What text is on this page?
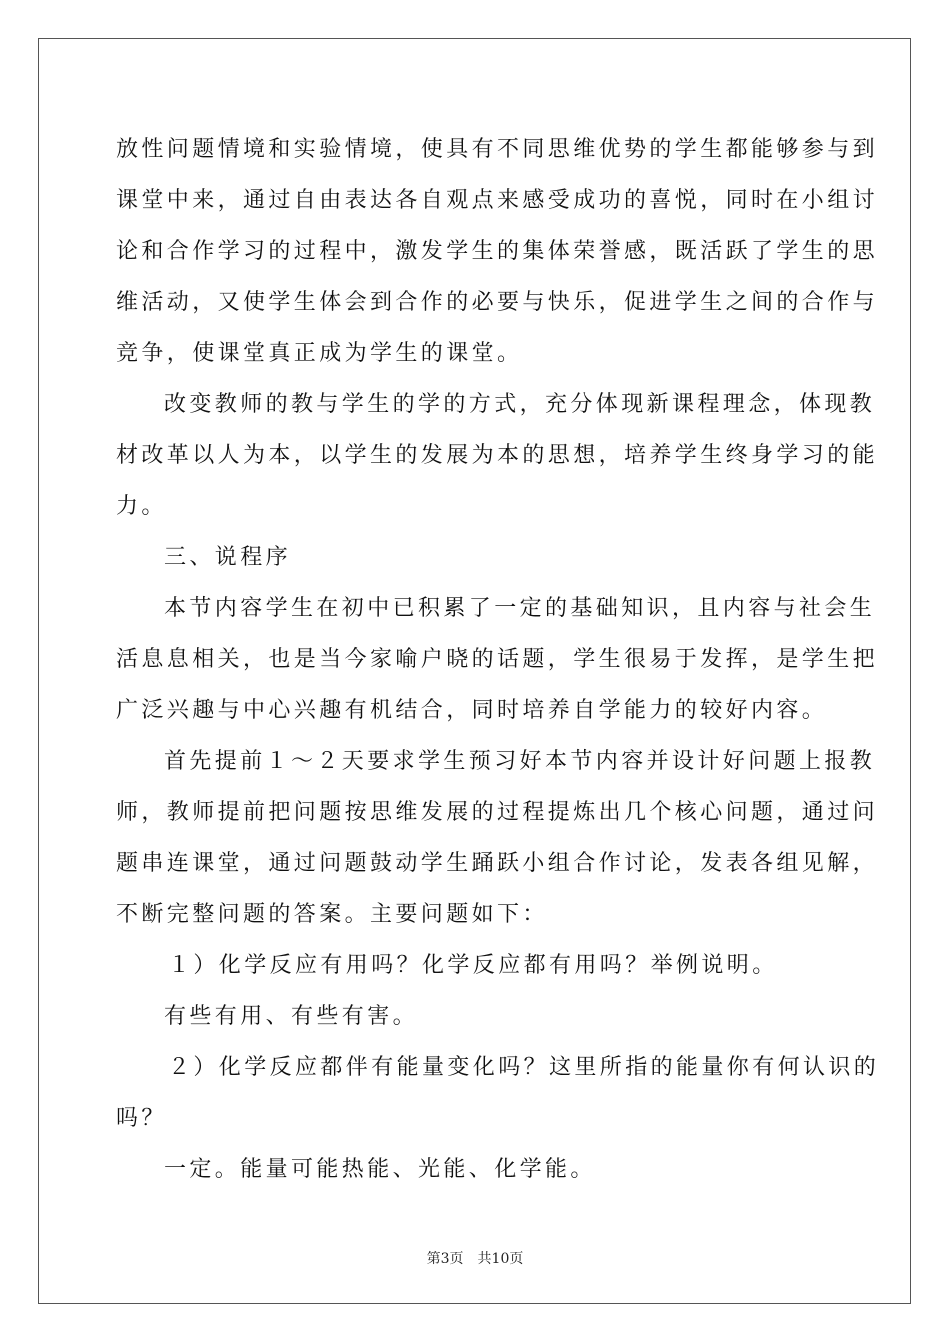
放性问题情境和实验情境，使具有不同思维优势的学生都能够参与到
课堂中来，通过自由表达各自观点来感受成功的喜悦，同时在小组讨
论和合作学习的过程中，激发学生的集体荣誉感，既活跃了学生的思
维活动，又使学生体会到合作的必要与快乐，促进学生之间的合作与
竞争，使课堂真正成为学生的课堂。
改变教师的教与学生的学的方式，充分体现新课程理念，体现教
材改革以人为本，以学生的发展为本的思想，培养学生终身学习的能
力。
三、说程序
本节内容学生在初中已积累了一定的基础知识，且内容与社会生
活息息相关，也是当今家喻户晓的话题，学生很易于发挥，是学生把
广泛兴趣与中心兴趣有机结合，同时培养自学能力的较好内容。
首先提前１～２天要求学生预习好本节内容并设计好问题上报教
师，教师提前把问题按思维发展的过程提炼出几个核心问题，通过问
题串连课堂，通过问题鼓动学生踊跃小组合作讨论，发表各组见解，
不断完整问题的答案。主要问题如下：
１）化学反应有用吗？化学反应都有用吗？举例说明。
有些有用、有些有害。
２）化学反应都伴有能量变化吗？这里所指的能量你有何认识的
吗？
一定。能量可能热能、光能、化学能。
第3页 共10页
